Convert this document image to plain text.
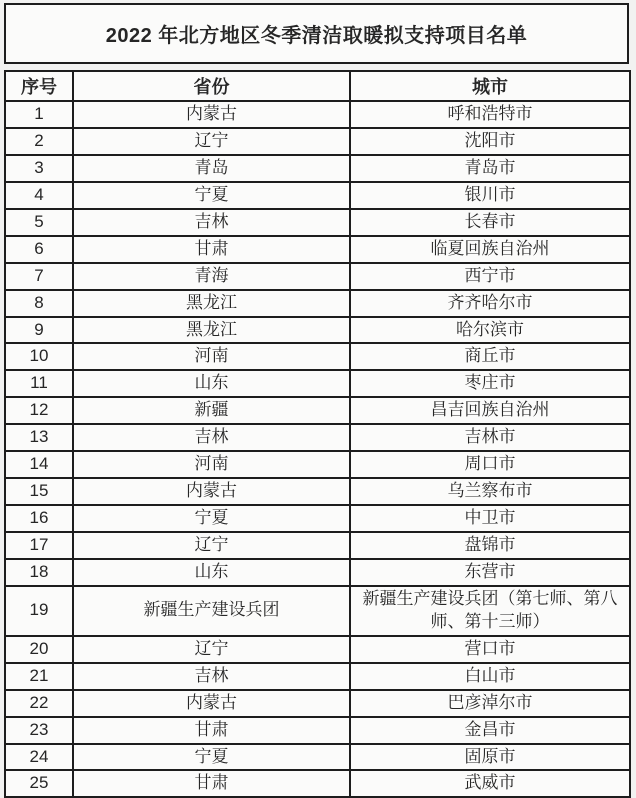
2022 年北方地区冬季清洁取暖拟支持项目名单
序号	省份	城市
1	内蒙古	呼和浩特市
2	辽宁	沈阳市
3	青岛	青岛市
4	宁夏	银川市
5	吉林	长春市
6	甘肃	临夏回族自治州
7	青海	西宁市
8	黑龙江	齐齐哈尔市
9	黑龙江	哈尔滨市
10	河南	商丘市
11	山东	枣庄市
12	新疆	昌吉回族自治州
13	吉林	吉林市
14	河南	周口市
15	内蒙古	乌兰察布市
16	宁夏	中卫市
17	辽宁	盘锦市
18	山东	东营市
19	新疆生产建设兵团	新疆生产建设兵团（第七师、第八师、第十三师）
20	辽宁	营口市
21	吉林	白山市
22	内蒙古	巴彦淖尔市
23	甘肃	金昌市
24	宁夏	固原市
25	甘肃	武威市
